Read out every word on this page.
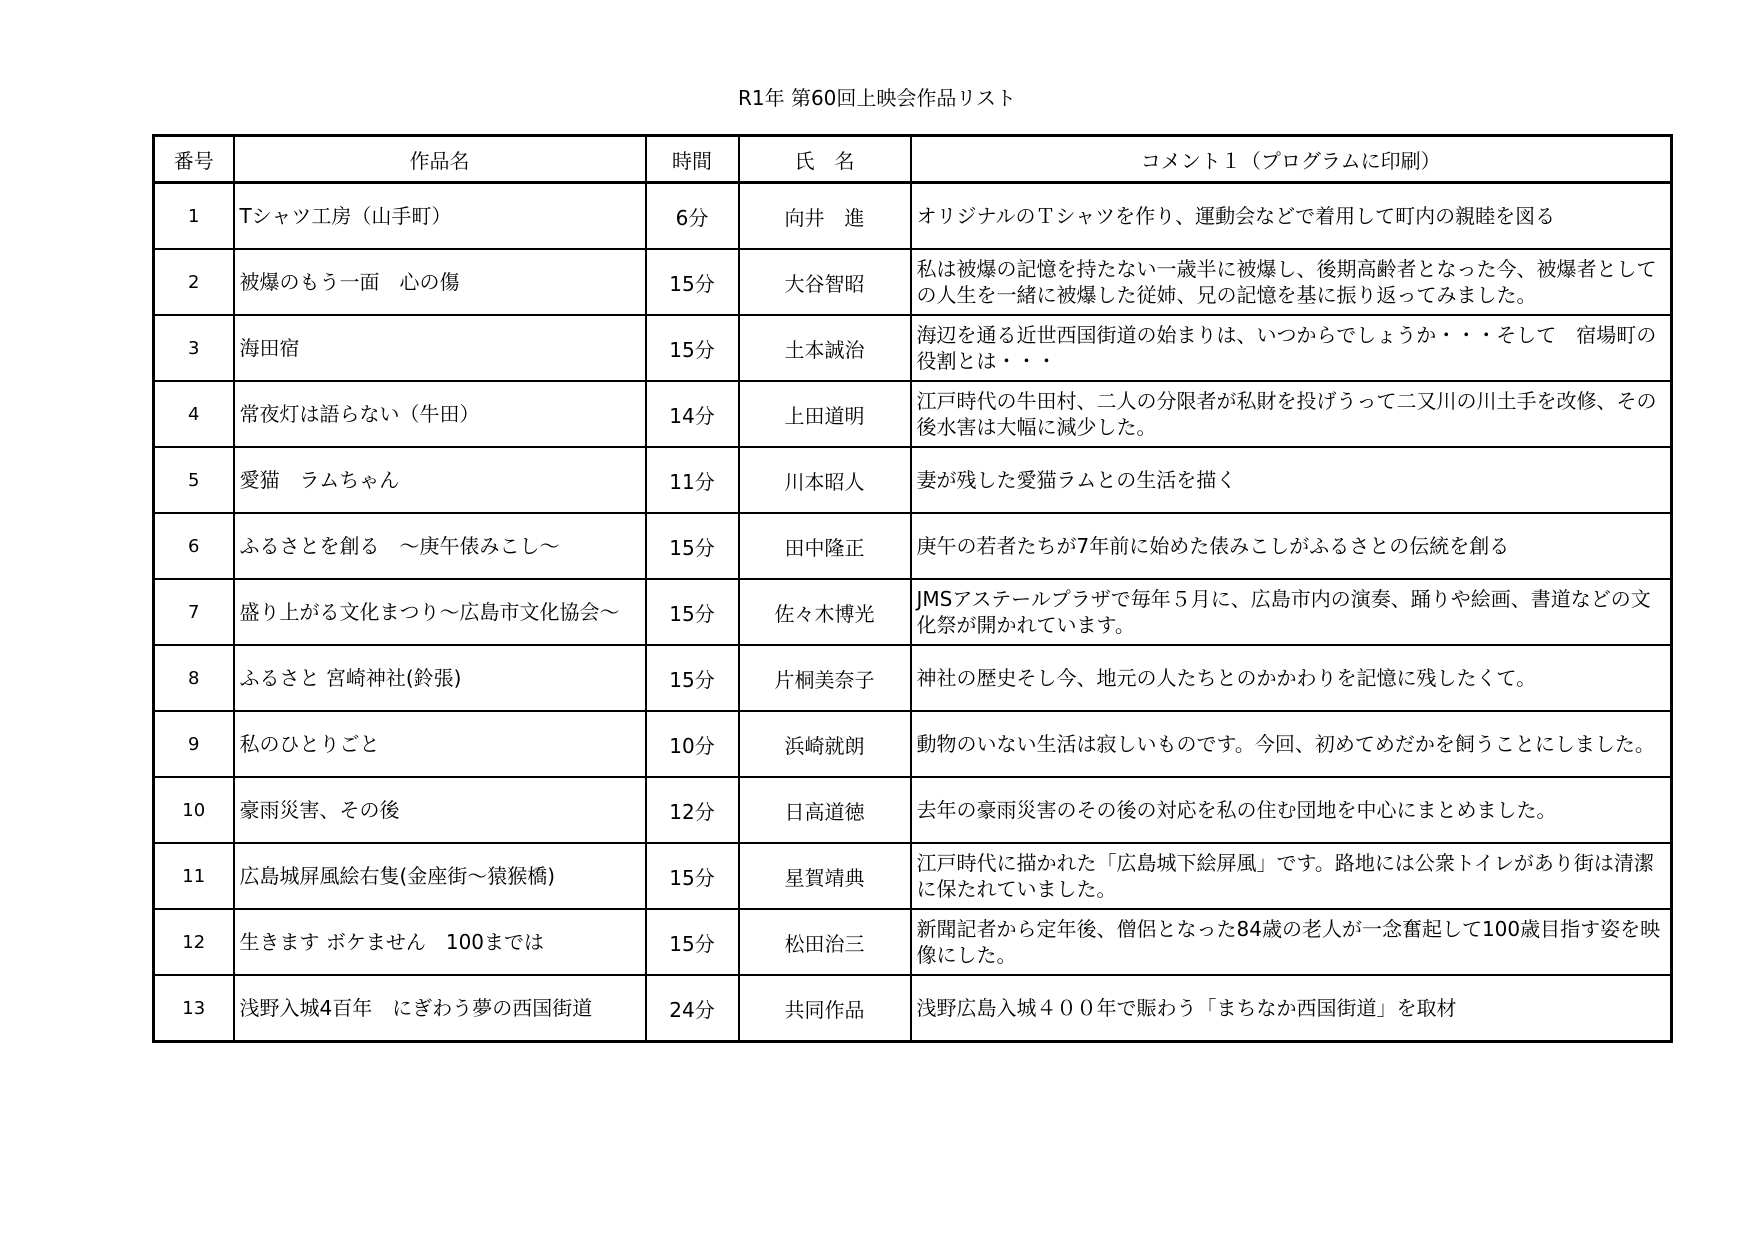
R1年 第60回上映会作品リスト
番号	作品名	時間	氏　名	コメント１（プログラムに印刷）
1	Tシャツ工房（山手町）	6分	向井　進	オリジナルのＴシャツを作り、運動会などで着用して町内の親睦を図る
2	被爆のもう一面　心の傷	15分	大谷智昭	私は被爆の記憶を持たない一歳半に被爆し、後期高齢者となった今、被爆者としての人生を一緒に被爆した従姉、兄の記憶を基に振り返ってみました。
3	海田宿	15分	土本誠治	海辺を通る近世西国街道の始まりは、いつからでしょうか・・・そして　宿場町の役割とは・・・
4	常夜灯は語らない（牛田）	14分	上田道明	江戸時代の牛田村、二人の分限者が私財を投げうって二又川の川土手を改修、その後水害は大幅に減少した。
5	愛猫　ラムちゃん	11分	川本昭人	妻が残した愛猫ラムとの生活を描く
6	ふるさとを創る　～庚午俵みこし～	15分	田中隆正	庚午の若者たちが7年前に始めた俵みこしがふるさとの伝統を創る
7	盛り上がる文化まつり～広島市文化協会～	15分	佐々木博光	JMSアステールプラザで毎年５月に、広島市内の演奏、踊りや絵画、書道などの文化祭が開かれています。
8	ふるさと 宮崎神社(鈴張)	15分	片桐美奈子	神社の歴史そし今、地元の人たちとのかかわりを記憶に残したくて。
9	私のひとりごと	10分	浜崎就朗	動物のいない生活は寂しいものです。今回、初めてめだかを飼うことにしました。
10	豪雨災害、その後	12分	日高道徳	去年の豪雨災害のその後の対応を私の住む団地を中心にまとめました。
11	広島城屏風絵右隻(金座街～猿猴橋)	15分	星賀靖典	江戸時代に描かれた「広島城下絵屏風」です。路地には公衆トイレがあり街は清潔に保たれていました。
12	生きます ボケません　100までは	15分	松田治三	新聞記者から定年後、僧侶となった84歳の老人が一念奮起して100歳目指す姿を映像にした。
13	浅野入城4百年　にぎわう夢の西国街道	24分	共同作品	浅野広島入城４００年で賑わう「まちなか西国街道」を取材
